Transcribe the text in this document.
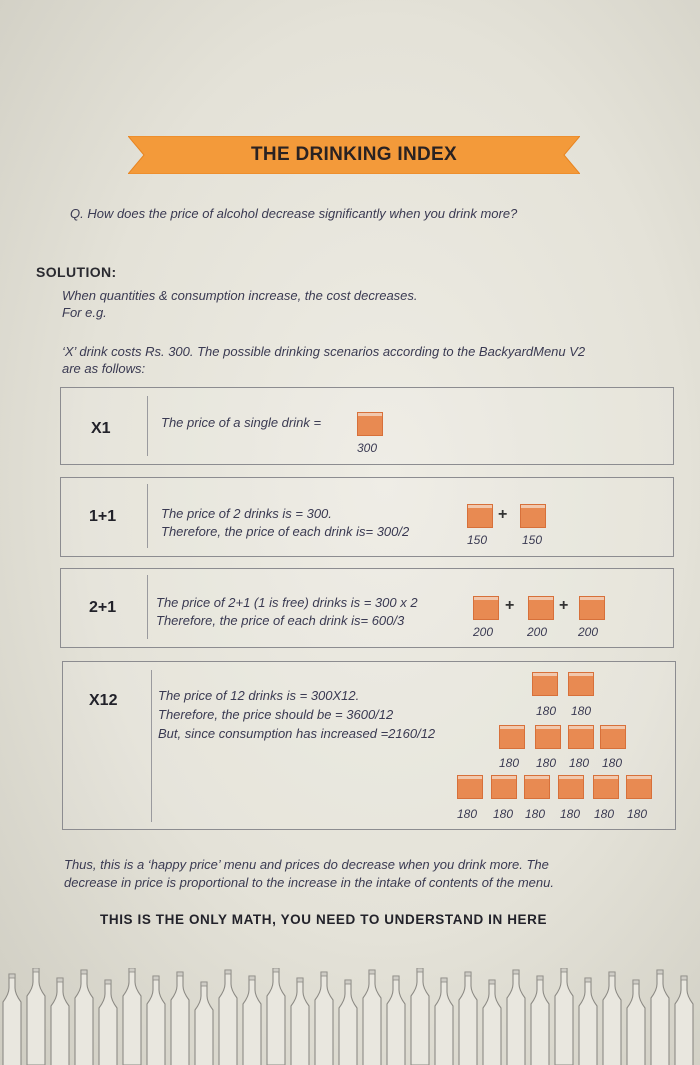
THE DRINKING INDEX
Q. How does the price of alcohol decrease significantly when you drink more?
SOLUTION:
When quantities & consumption increase, the cost decreases.
For e.g.
‘X’ drink costs Rs. 300. The possible drinking scenarios according to the BackyardMenu V2
are as follows:
X1	The price of a single drink =
300
1+1	The price of 2 drinks is = 300.
Therefore, the price of each drink is= 300/2
+
150	150
2+1	The price of 2+1 (1 is free) drinks is = 300 x 2
Therefore, the price of each drink is= 600/3
+	+
200	200	200
X12	The price of 12 drinks is = 300X12.
Therefore, the price should be = 3600/12
But, since consumption has increased =2160/12
180 180
180 180 180 180
180 180 180 180 180 180
Thus, this is a ‘happy price’ menu and prices do decrease when you drink more. The
decrease in price is proportional to the increase in the intake of contents of the menu.
THIS IS THE ONLY MATH, YOU NEED TO UNDERSTAND IN HERE
